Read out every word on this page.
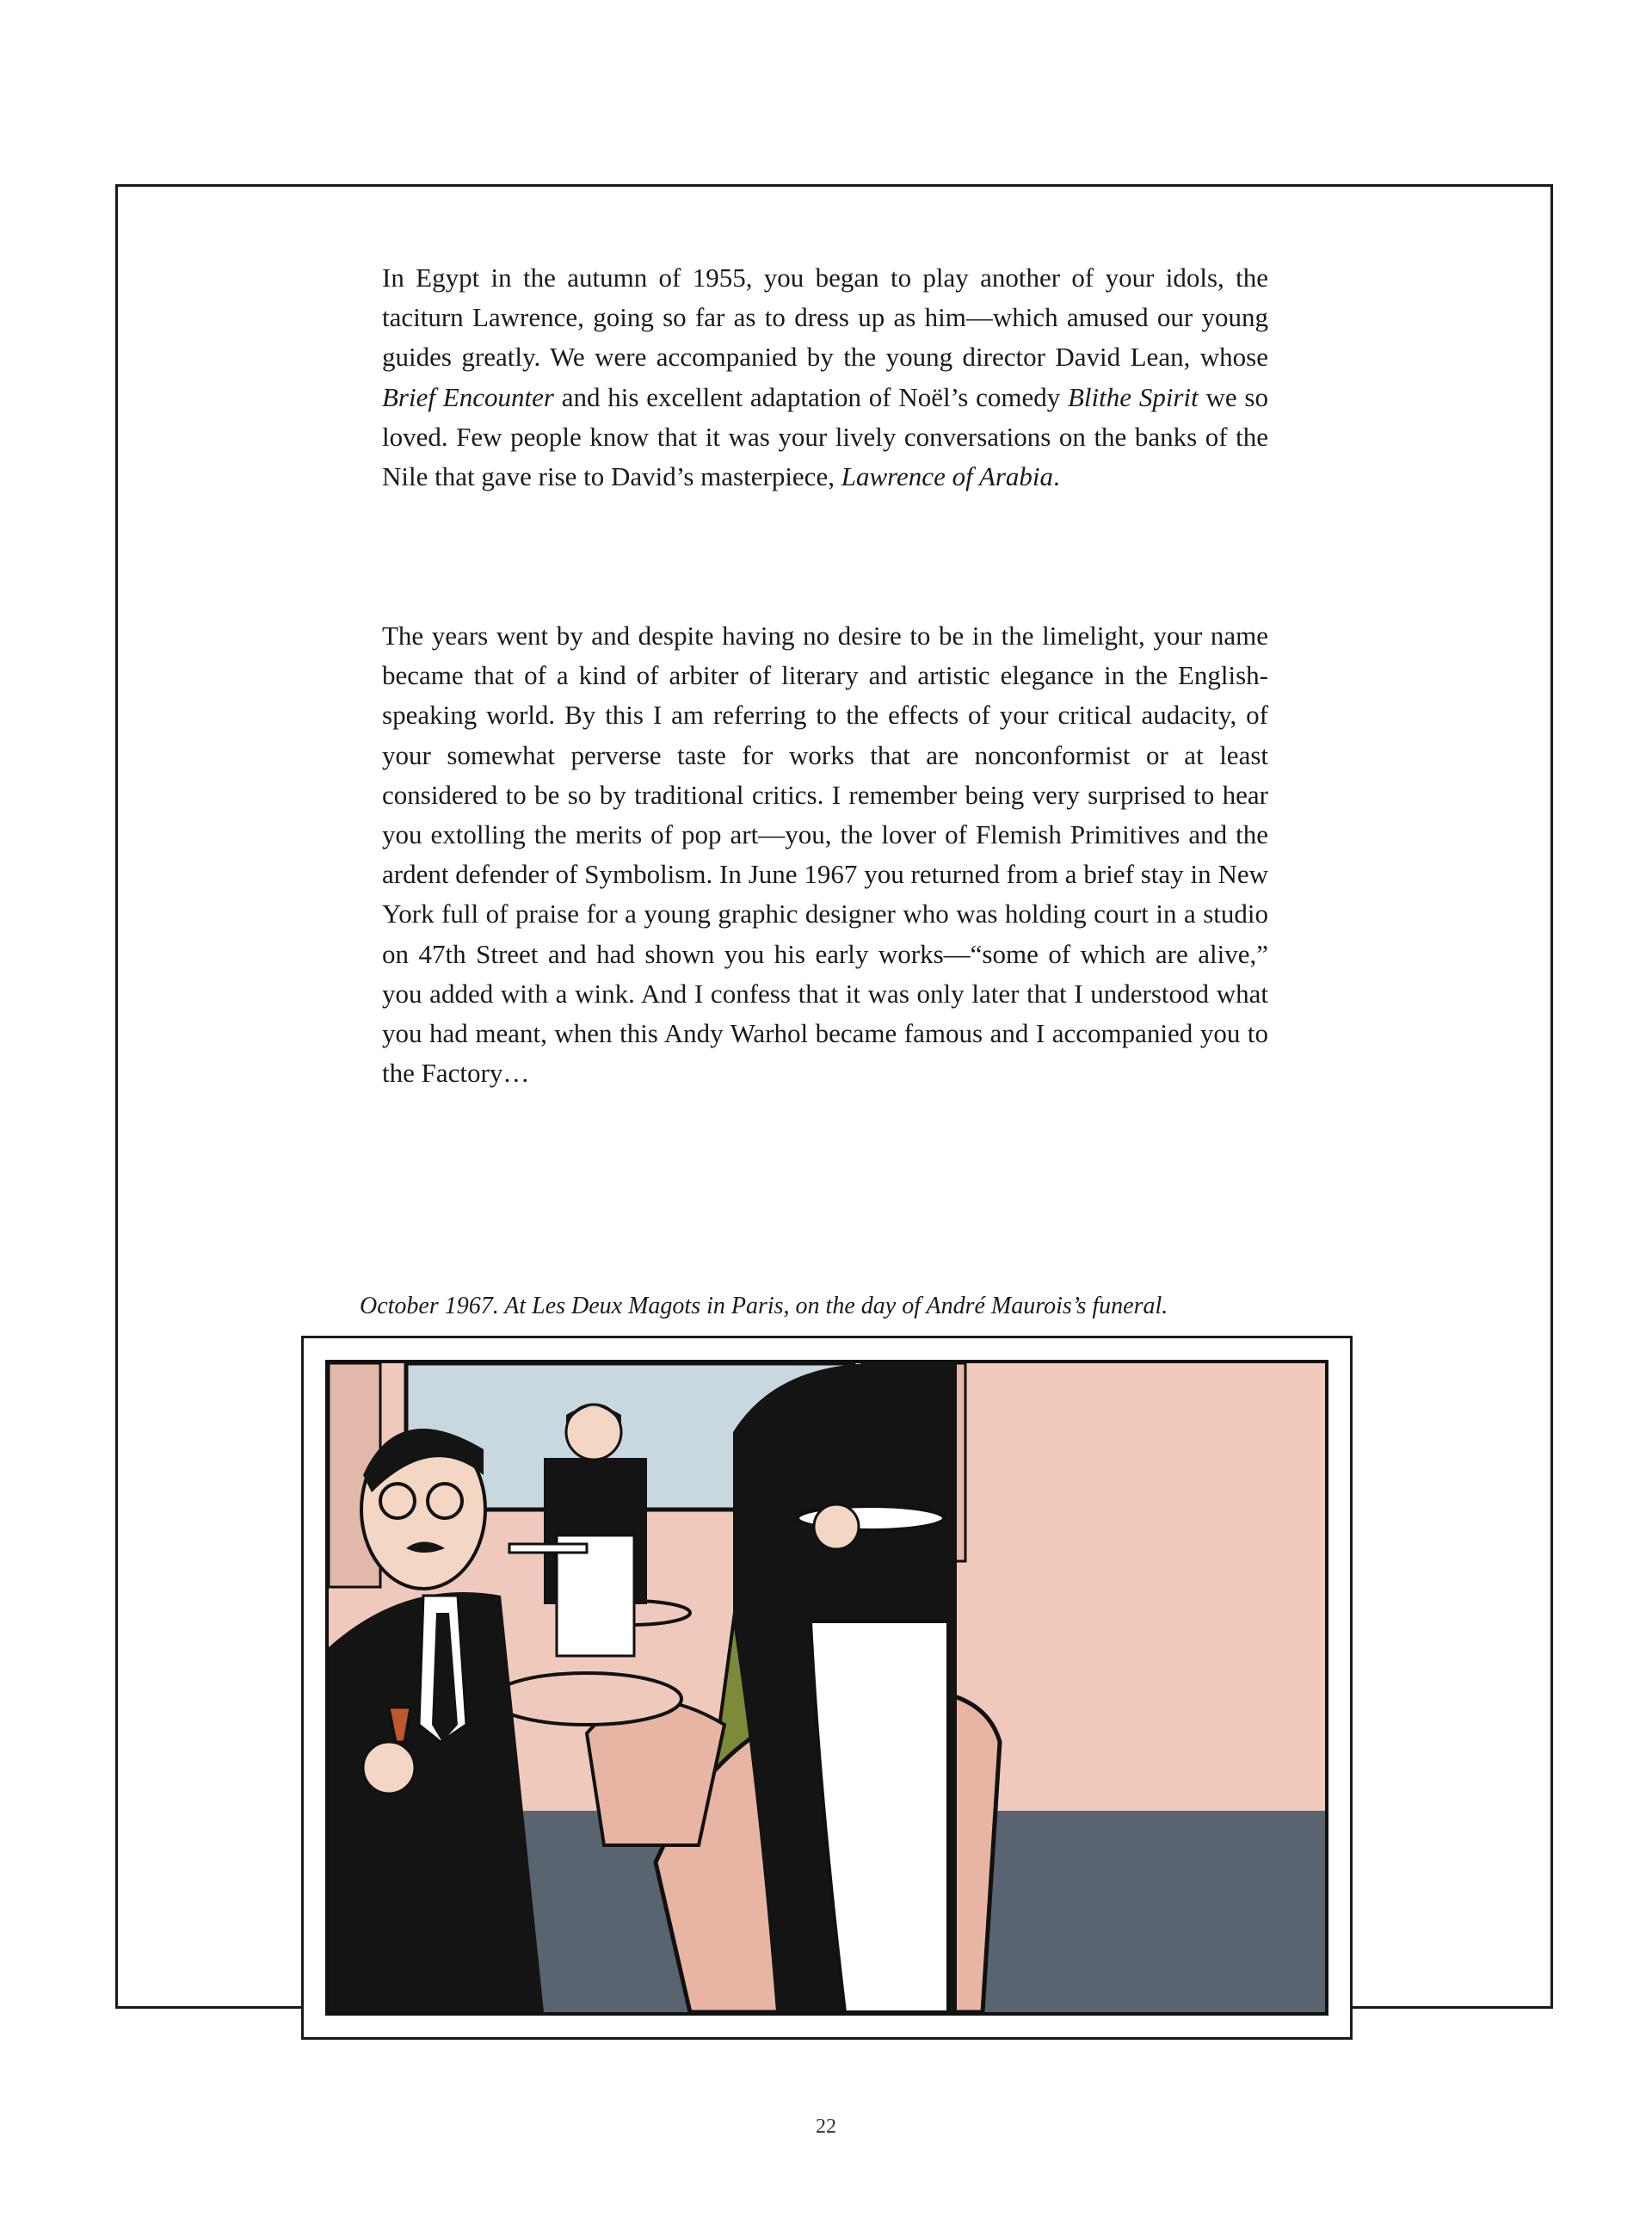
In Egypt in the autumn of 1955, you began to play another of your idols, the taciturn Lawrence, going so far as to dress up as him—which amused our young guides greatly. We were accompanied by the young director David Lean, whose Brief Encounter and his excellent adaptation of Noël’s comedy Blithe Spirit we so loved. Few people know that it was your lively conversations on the banks of the Nile that gave rise to David’s masterpiece, Lawrence of Arabia.

The years went by and despite having no desire to be in the limelight, your name became that of a kind of arbiter of literary and artistic elegance in the English-speaking world. By this I am referring to the effects of your critical audacity, of your somewhat perverse taste for works that are nonconformist or at least considered to be so by traditional critics. I remember being very surprised to hear you extolling the merits of pop art—you, the lover of Flemish Primitives and the ardent defender of Symbolism. In June 1967 you returned from a brief stay in New York full of praise for a young graphic designer who was holding court in a studio on 47th Street and had shown you his early works—“some of which are alive,” you added with a wink. And I confess that it was only later that I understood what you had meant, when this Andy Warhol became famous and I accompanied you to the Factory…

October 1967. At Les Deux Magots in Paris, on the day of André Maurois’s funeral.

22
